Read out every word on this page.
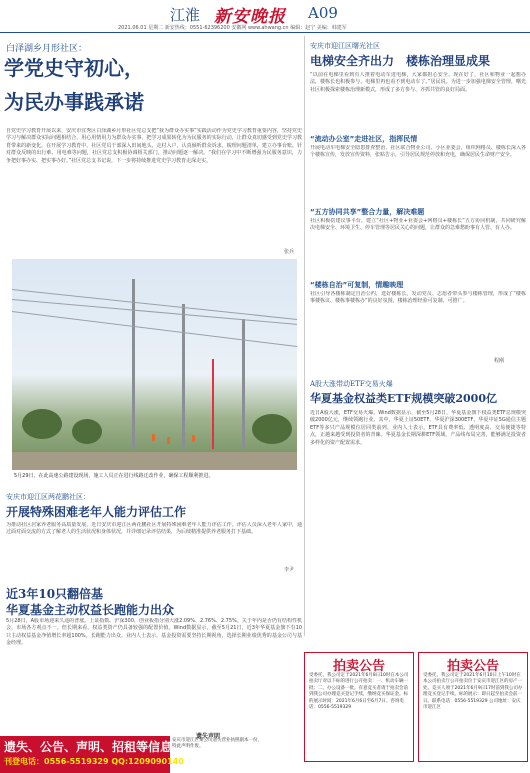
江淮 新安晚报 A09
2021.06.01 星期二 新安热线：0551-62396200 安徽网 www.ahwang.cn 编辑：赵宁 美编：韩建军
白泽湖乡月形社区：
学党史守初心，
为民办事践承诺
自党史学习教育开展以来，安庆市宜秀区白泽湖乡月形社区党总支把“我为群众办实事”实践活动作为党史学习教育重要内容，坚持党史学习与解决群众实际问题相结合，用心用情用力为群众办实事，把学习成果转化为为民服务的实际行动，让群众真切感受到党史学习教育带来的新变化。在开展学习教育中，社区党员干部深入田间地头、走村入户，认真倾听群众诉求，梳理问题清单，建立办事台账。针对群众反映的出行难、用电难等问题，社区党总支积极协调相关部门，推动问题逐一解决。“我们在学习中不断增强为民服务意识，力争把好事办实、把实事办好。”社区党总支书记说，下一步将持续推进党史学习教育走深走实。
张兵
5月29日，在此高速公路建设现场，施工人员正在进行线路迁改作业，确保工程顺利推进。
安庆市迎江区两花鹏社区：
开展特殊困难老年人能力评估工作
为推动社区居家养老服务高质量发展，近日安庆市迎江区两花鹏社区开展特殊困难老年人能力评估工作。评估人员深入老年人家中，通过面对面交流的方式了解老人的生活状况和身体状况，并详细记录评估结果，为后续精准提供养老服务打下基础。
李尹
近3年10只翻倍基
华夏基金主动权益长跑能力出众
5月28日，A股市场迎来久违的普涨。上证指数、沪深300、创业板指分别大涨2.09%、2.76%、2.75%。关于年内是否仍有结构性机会，市场各方观点不一。但长期来看，权益类资产仍具备较强的配置价值。Wind数据显示，截至5月21日，近3年华夏基金旗下有10只主动权益基金净值增长率超100%，长跑能力出众。业内人士表示，基金投资需要坚持长期视角，选择长期业绩优秀的基金公司与基金经理。
安庆市迎江区曙光社区
电梯安全齐出力　楼栋治理显成果
“以前在电梯里看到有人推着电动车进电梯，大家都担心安全。现在好了，社区和物业一起想办法，楼栋长也积极参与，电梯里再也看不到电动车了。”居民说。为进一步加强电梯安全管理，曙光社区积极探索楼栋治理新模式，形成了多方参与、齐抓共管的良好局面。
“流动办公室”走进社区，指挥民情
开展电动车电梯安全隐患排查整治，社区联合物业公司、小区业委会，组织网格员、楼栋长深入各个楼栋宣传，发放宣传资料，张贴告示，引导居民规范停放和充电，确保居民生命财产安全。
“五方协同共享”整合力量，解决难题
社区积极搭建议事平台，建立“社区+物业+业委会+网格员+楼栋长”五方协同机制，共同研究解决电梯安全、环境卫生、停车管理等居民关心的问题，让群众的急难愁盼事有人管、有人办。
“楼栋自治”可复制，情趣映理
社区引导各楼栋制定自治公约，选好楼栋长，发动党员、志愿者带头参与楼栋管理，形成了“楼栋事楼栋议、楼栋事楼栋办”的良好氛围，楼栋治理经验可复制、可推广。
程刚
A股大涨带动ETF交易火爆
华夏基金权益类ETF规模突破2000亿
近日A股大涨，ETF交易火爆。Wind数据显示，截至5月28日，华夏基金旗下权益类ETF总规模突破2000亿元，继续领跑行业。其中，华夏上证50ETF、华夏沪深300ETF、华夏中证5G通信主题ETF等多只产品规模位居同类前列。业内人士表示，ETF具有费率低、透明度高、交易便捷等特点，正越来越受到投资者的青睐。华夏基金长期深耕ETF领域，产品线布局完善，能够满足投资者多样化的资产配置需求。
拍卖公告
受委托，我公司定于2021年6月8日10时在本公司拍卖厅对以下标的进行公开拍卖：一、机动车辆一批；二、办公设备一批。有意竞买者请于拍卖会前到我公司办理竞买登记手续，缴纳竞买保证金。标的展示时间：2021年6月6日至6月7日。咨询电话：0556-5519329
拍卖公告
受委托，我公司定于2021年6月10日上午10时在本公司拍卖厅公开拍卖位于安庆市迎江区的房产一处。竞买人须于2021年6月9日17时前到我公司办理竞买登记手续。标的展示：即日起至拍卖会前一日。联系电话：0556-5519329 公司地址：安庆市迎江区
遗失、公告、声明、招租等信息
刊登电话：0556-5519329 QQ:1209090140
遗失声明
安庆市迎江区某公司遗失营业执照副本一份，特此声明作废。
